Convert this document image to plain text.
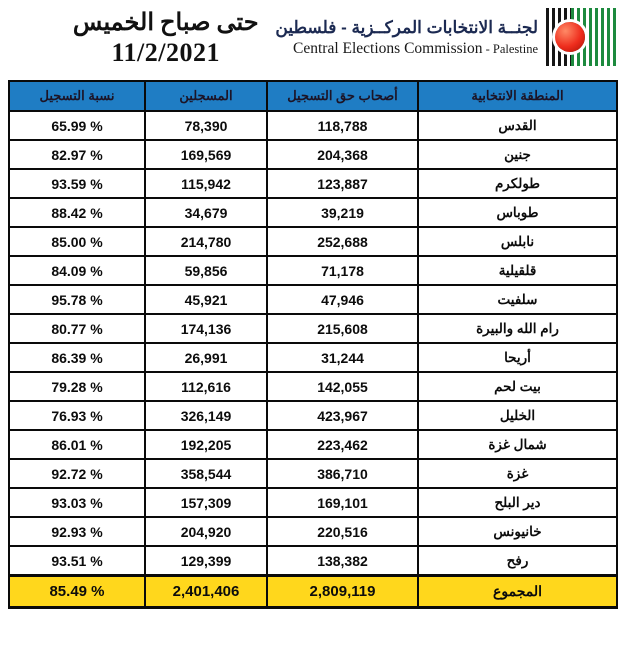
حتى صباح الخميس
11/2/2021
لجنــة الانتخابات المركــزية - فلسطين
Central Elections Commission - Palestine
نسبة التسجيل	المسجلين	أصحاب حق التسجيل	المنطقة الانتخابية
65.99 %	78,390	118,788	القدس
82.97 %	169,569	204,368	جنين
93.59 %	115,942	123,887	طولكرم
88.42 %	34,679	39,219	طوباس
85.00 %	214,780	252,688	نابلس
84.09 %	59,856	71,178	قلقيلية
95.78 %	45,921	47,946	سلفيت
80.77 %	174,136	215,608	رام الله والبيرة
86.39 %	26,991	31,244	أريحا
79.28 %	112,616	142,055	بيت لحم
76.93 %	326,149	423,967	الخليل
86.01 %	192,205	223,462	شمال غزة
92.72 %	358,544	386,710	غزة
93.03 %	157,309	169,101	دير البلح
92.93 %	204,920	220,516	خانيونس
93.51 %	129,399	138,382	رفح
85.49 %	2,401,406	2,809,119	المجموع
